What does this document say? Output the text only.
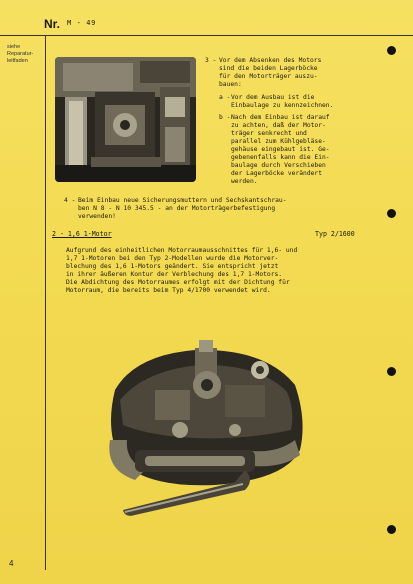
Nr. M - 49
siehe Reparatur-leitfaden	3 - Vor dem Absenken des Motors
sind die beiden Lagerböcke
für den Motorträger auszu-
bauen:
a - Vor dem Ausbau ist die
Einbaulage zu kennzeichnen.
b - Nach dem Einbau ist darauf
zu achten, daß der Motor-
träger senkrecht und
parallel zum Kühlgebläse-
gehäuse eingebaut ist. Ge-
gebenenfalls kann die Ein-
baulage durch Verschieben
der Lagerböcke verändert
werden.
4 - Beim Einbau neue Sicherungsmuttern und Sechskantschrau-
ben N 8 - N 10 345.5 - an der Motorträgerbefestigung
verwenden!
2 - 1,6 1-Motor	Typ 2/1600
Aufgrund des einheitlichen Motorraumausschnittes für 1,6- und
1,7 1-Motoren bei den Typ 2-Modellen wurde die Motorver-
blechung des 1,6 1-Motors geändert. Sie entspricht jetzt
in ihrer äußeren Kontur der Verblechung des 1,7 1-Motors.
Die Abdichtung des Motorraumes erfolgt mit der Dichtung für
Motorraum, die bereits beim Typ 4/1700 verwendet wird.
4
